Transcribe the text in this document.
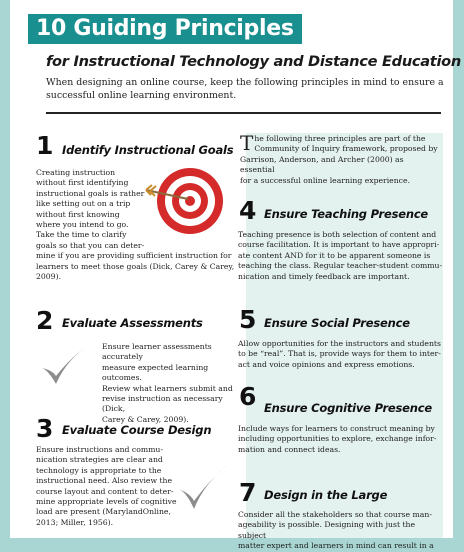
10 Guiding Principles
for Instructional Technology and Distance Education
When designing an online course, keep the following principles in mind to ensure a successful online learning environment.
1 Identify Instructional Goals
Creating instruction
without first identifying
instructional goals is rather
like setting out on a trip
without first knowing
where you intend to go.
Take the time to clarify
goals so that you can deter-
mine if you are providing sufficient instruction for
learners to meet those goals (Dick, Carey & Carey,
2009).
2 Evaluate Assessments
Ensure learner assessments accurately
measure expected learning outcomes.
Review what learners submit and
revise instruction as necessary (Dick,
Carey & Carey, 2009).
3 Evaluate Course Design
Ensure instructions and commu-
nication strategies are clear and
technology is appropriate to the
instructional need. Also review the
course layout and content to deter-
mine appropriate levels of cognitive
load are present (MarylandOnline,
2013; Miller, 1956).
T he following three principles are part of the
Community of Inquiry framework, proposed by
Garrison, Anderson, and Archer (2000) as essential
for a successful online learning experience.
4 Ensure Teaching Presence
Teaching presence is both selection of content and
course facilitation. It is important to have appropri-
ate content AND for it to be apparent someone is
teaching the class. Regular teacher-student commu-
nication and timely feedback are important.
5 Ensure Social Presence
Allow opportunities for the instructors and students
to be “real”. That is, provide ways for them to inter-
act and voice opinions and express emotions.
6 Ensure Cognitive Presence
Include ways for learners to construct meaning by
including opportunities to explore, exchange infor-
mation and connect ideas.
7 Design in the Large
Consider all the stakeholders so that course man-
ageability is possible. Designing with just the subject
matter expert and learners in mind can result in a
